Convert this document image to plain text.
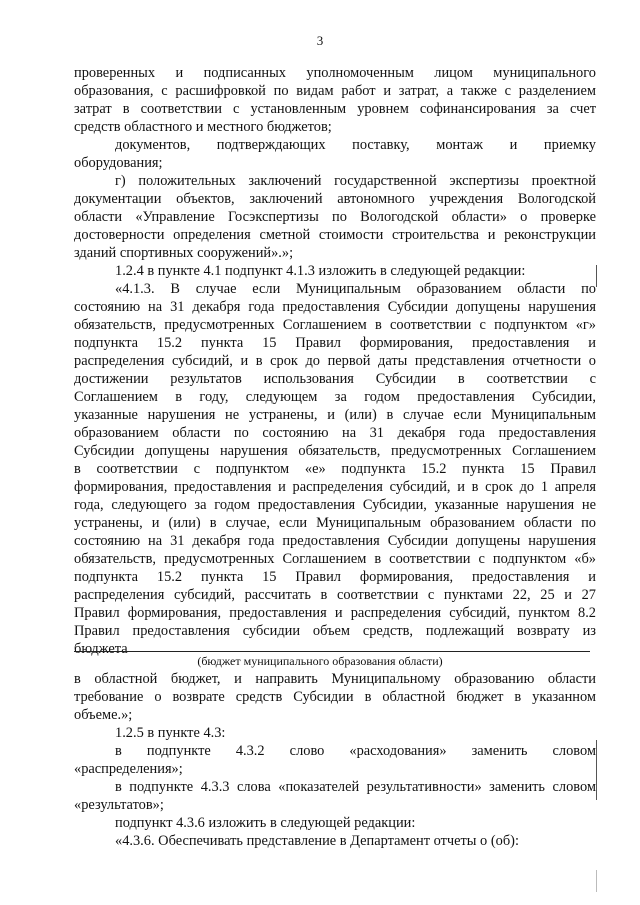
3
проверенных и подписанных уполномоченным лицом муниципального
образования, с расшифровкой по видам работ и затрат, а также с разделением
затрат в соответствии с установленным уровнем софинансирования за счет
средств областного и местного бюджетов;
документов, подтверждающих поставку, монтаж и приемку
оборудования;
г) положительных заключений государственной экспертизы проектной
документации объектов, заключений автономного учреждения Вологодской
области «Управление Госэкспертизы по Вологодской области» о проверке
достоверности определения сметной стоимости строительства и реконструкции
зданий спортивных сооружений».»;
1.2.4 в пункте 4.1 подпункт 4.1.3 изложить в следующей редакции:
«4.1.3. В случае если Муниципальным образованием области по
состоянию на 31 декабря года предоставления Субсидии допущены нарушения
обязательств, предусмотренных Соглашением в соответствии с подпунктом «г»
подпункта 15.2 пункта 15 Правил формирования, предоставления и
распределения субсидий, и в срок до первой даты представления отчетности о
достижении результатов использования Субсидии в соответствии с
Соглашением в году, следующем за годом предоставления Субсидии,
указанные нарушения не устранены, и (или) в случае если Муниципальным
образованием области по состоянию на 31 декабря года предоставления
Субсидии допущены нарушения обязательств, предусмотренных Соглашением
в соответствии с подпунктом «е» подпункта 15.2 пункта 15 Правил
формирования, предоставления и распределения субсидий, и в срок до 1 апреля
года, следующего за годом предоставления Субсидии, указанные нарушения не
устранены, и (или) в случае, если Муниципальным образованием области по
состоянию на 31 декабря года предоставления Субсидии допущены нарушения
обязательств, предусмотренных Соглашением в соответствии с подпунктом «б»
подпункта 15.2 пункта 15 Правил формирования, предоставления и
распределения субсидий, рассчитать в соответствии с пунктами 22, 25 и 27
Правил формирования, предоставления и распределения субсидий, пунктом 8.2
Правил предоставления субсидии объем средств, подлежащий возврату из
бюджета
(бюджет муниципального образования области)
в областной бюджет, и направить Муниципальному образованию области
требование о возврате средств Субсидии в областной бюджет в указанном
объеме.»;
1.2.5 в пункте 4.3:
в подпункте 4.3.2 слово «расходования» заменить словом
«распределения»;
в подпункте 4.3.3 слова «показателей результативности» заменить словом
«результатов»;
подпункт 4.3.6 изложить в следующей редакции:
«4.3.6. Обеспечивать представление в Департамент отчеты о (об):
